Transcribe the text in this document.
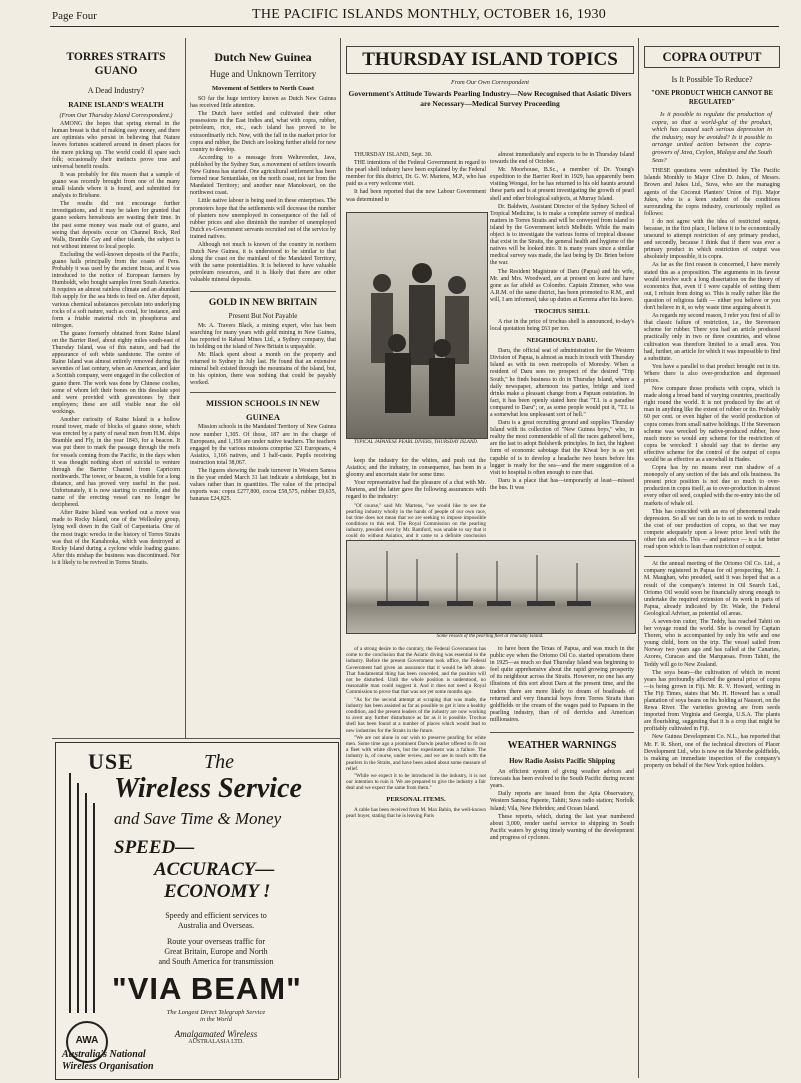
Page Four	THE PACIFIC ISLANDS MONTHLY, OCTOBER 16, 1930
TORRES STRAITS GUANO
A Dead Industry?
RAINE ISLAND'S WEALTH
(From Our Thursday Island Correspondent.)

AMONG the hopes that spring eternal in the human breast is that of making easy money, and there are optimists who persist in believing that Nature leaves fortunes scattered around in desert places for the mere picking up. The world could ill spare such folk; occasionally their instincts prove true and universal benefit results.

It was probably for this reason that a sample of guano was recently brought from one of the many small islands where it is found, and submitted for analysis to Brisbane.

The results did not encourage further investigations, and it may be taken for granted that guano seekers hereabouts are wasting their time. In the past some money was made out of guano, and seeing that deposits occur on Channel Rock, Red Walls, Bramble Cay and other islands, the subject is not without interest to local people.

Excluding the well-known deposits of the Pacific, guano hails principally from the coasts of Peru. Probably it was used by the ancient Incas, and it was introduced to the notice of European farmers by Humboldt, who bought samples from South America. It requires an almost rainless climate and an abundant fish supply for the sea birds to feed on. After deposit, various chemical substances percolate into underlying rocks of a soft nature, such as coral, for instance, and form a friable material rich in phosphorus and nitrogen.

The guano formerly obtained from Raine Island on the Barrier Reef, about eighty miles south-east of Thursday Island, was of this nature, and had the appearance of soft white sandstone. The centre of Raine Island was almost entirely removed during the seventies of last century, when an American, and later a Scottish company, were engaged in the collection of guano there. The work was done by Chinese coolies, some of whom left their bones on this desolate spot and were provided with gravestones by their employers; these are still visible near the old workings.

Another curiosity of Raine Island is a hollow round tower, made of blocks of guano stone, which was erected by a party of naval men from H.M. ships Bramble and Fly, in the year 1843, for a beacon. It was put there to mark the passage through the reefs for vessels coming from the Pacific, in the days when it was thought nothing short of suicidal to venture through the Barrier Channel from Capricorn northwards. The tower, or beacon, is visible for a long distance, and has proved very useful in the past. Unfortunately, it is now starting to crumble, and the name of the erecting vessel can no longer be deciphered.

After Raine Island was worked out a move was made to Rocky Island, one of the Wellesley group, lying well down in the Gulf of Carpentaria. One of the most tragic wrecks in the history of Torres Straits was that of the Kanahooka, which was destroyed at Rocky Island during a cyclone while loading guano. After this mishap the business was discontinued. Nor is it likely to be revived in Torres Straits.

Dutch New Guinea
Huge and Unknown Territory
Movement of Settlers to North Coast

SO far the huge territory known as Dutch New Guinea has received little attention.

The Dutch have settled and cultivated their other possessions in the East Indies and, what with copra, rubber, petroleum, rice, etc., each island has proved to be extraordinarily rich. Now, with the fall in the market price for copra and rubber, the Dutch are looking further afield for new country to develop.

According to a message from Weltevreden, Java, published by the Sydney Sun, a movement of settlers towards New Guinea has started. One agricultural settlement has been formed near Sentanilake, on the north coast, not far from the Mandated Territory; and another near Manokwari, on the northwest coast.

Little native labour is being used in these enterprises. The promoters hope that the settlements will decrease the number of planters now unemployed in consequence of the fall of rubber prices and also diminish the number of unemployed Dutch ex-Government servants recruited out of the service by trained natives.

Although not much is known of the country in northern Dutch New Guinea, it is understood to be similar to that along the coast on the mainland of the Mandated Territory, with the same potentialities. It is believed to have valuable petroleum resources, and it is likely that there are other valuable mineral deposits.

GOLD IN NEW BRITAIN
Present But Not Payable

Mr. A. Travers Black, a mining expert, who has been searching for many years with gold mining in New Guinea, has reported to Rabaul Mines Ltd., a Sydney company, that its holding on the island of New Britain is unpayable.

Mr. Black spent about a month on the property and returned to Sydney in July last. He found that an extensive mineral belt existed through the mountains of the island, but, in his opinion, there was nothing that could be payably worked.

MISSION SCHOOLS IN NEW GUINEA

Mission schools in the Mandated Territory of New Guinea now number 1,305. Of those, 187 are in the charge of Europeans, and 1,159 are under native teachers. The teachers engaged by the various missions comprise 321 Europeans, 4 Asiatics, 1,166 natives, and 1 half-caste. Pupils receiving instruction total 38,067.

The figures showing the trade turnover in Western Samoa in the year ended March 31 last indicate a shrinkage, but in values rather than in quantities. The value of the principal exports was: copra £277,800, cocoa £58,575, rubber £9,635, bananas £24,825.

THURSDAY ISLAND TOPICS
From Our Own Correspondent
Government's Attitude Towards Pearling Industry—Now Recognised that Asiatic Divers are Necessary—Medical Survey Proceeding

THURSDAY ISLAND, Sept. 30.

THE intentions of the Federal Government in regard to the pearl shell industry have been explained by the Federal member for this district, Dr. G. W. Martens, M.P., who has paid us a very welcome visit.

It had been reported that the new Labour Government was determined to

TYPICAL JAPANESE PEARL DIVERS, THURSDAY ISLAND.

almost immediately and expects to be in Thursday Island towards the end of October.

Mr. Moorhouse, B.Sc., a member of Dr. Young's expedition to the Barrier Reef in 1929, has apparently been visiting Wongai, for he has returned to his old haunts around these parts and is at present investigating the growth of pearl shell and other biological subjects, at Murray Island.

Dr. Baldwin, Assistant Director of the Sydney School of Tropical Medicine, is to make a complete survey of medical matters in Torres Straits and will be conveyed from island to island by the Government ketch Melbidir. While the main object is to investigate the various forms of tropical disease that exist in the Straits, the general health and hygiene of the natives will be looked into. It is many years since a similar medical survey was made, the last being by Dr. Brien before the war.

The Resident Magistrate of Daru (Papua) and his wife, Mr. and Mrs. Woodward, are at present on leave and have gone as far afield as Colombo. Captain Zimmer, who was A.R.M. of the same district, has been promoted to R.M., and will, I am informed, take up duties at Kerema after his leave.

TROCHUS SHELL

A rise in the price of trochus shell is announced, to-day's local quotation being £63 per ton.

NEIGHBOURLY DARU.

Daru, the official seat of administration for the Western Division of Papua, is almost as much in touch with Thursday Island as with its own metropolis of Moresby. When a resident of Daru sees no prospect of the desired "Trip South," he finds business to do in Thursday Island, where a daily newspaper, afternoon tea parties, bridge and iced drinks make a pleasant change from a Papuan outstation. In fact, it has been openly stated here that "T.I. is a paradise compared to Daru"; or, as some people would put it, "T.I. is a somewhat less unpleasant sort of hell."

Daru is a great recruiting ground and supplies Thursday Island with its collection of "New Guinea boys," who, in reality the most commendable of all the races gathered here, are the last to adopt Bolshevik principles. In fact, the highest form of economic sabotage that the Kiwai boy is as yet capable of is to develop a headache two hours before his lugger is ready for the sea—and the mere suggestion of a visit to hospital is often enough to cure that.

Daru is a place that has—temporarily at least—missed the bus. It was

keep the industry for the whites, and push out the Asiatics; and the industry, in consequence, has been in a gloomy and uncertain state for some time.

Your representative had the pleasure of a chat with Mr. Martens, and the latter gave the following assurances with regard to the industry:

"Of course," said Mr. Martens, "we would like to see the pearling industry wholly in the hands of people of our own race, but time does not mean that we are seeking to impose impossible conditions to this end. The Royal Commission on the pearling industry, presided over by Mr. Bamford, was unable to say that it could do without Asiatics, and it came to a definite conclusion

Some vessels of the pearling fleet at Thursday Island.

of a strong desire to the contrary, the Federal Government has come to the conclusion that the Asiatic diving was essential to the industry. Before the present Government took office, the Federal Government had given an assurance that it would be left alone. That fundamental thing has been conceded, and the position will not be disturbed. Until the whole position is understood, no reasonable man could suggest it. And it does not need a Royal Commission to prove that that was not yet some months ago.

"As for the second attempt at scraping that was made, the industry has been assisted as far as possible to get it into a healthy condition, and the present leaders of the industry are now working to avert any further disturbance as far as it is possible. Trochus shell has been found at a number of places which would lead to new industries for the Straits in the future.

"We are not alone in our wish to preserve pearling for white men. Some time ago a prominent Darwin pearler offered to fit out a fleet with white divers, but the experiment was a failure. The industry is, of course, under review, and we are in touch with the pearlers in the Straits, and have been asked about some measure of relief.

"While we expect it to be introduced in the industry, it is not our intention to ruin it. We are prepared to give the industry a fair deal and we expect the same from them."

PERSONAL ITEMS.

A cable has been received from M. Max Babin, the well-known pearl buyer, stating that he is leaving Paris

to have been the Texas of Papua, and was much in the public eye when the Oriomo Oil Co. started operations there in 1925—as much so that Thursday Island was beginning to feel quite apprehensive about the rapid growing prosperity of its neighbour across the Straits. However, no one has any illusions of this sort about Daru at the present time, and the traders there are more likely to dream of boatloads of returned and very financial boys from Torres Straits than goldfields or the cream of the wages paid to Papuans in the pearling industry, than of oil derricks and American millionaires.

WEATHER WARNINGS
How Radio Assists Pacific Shipping

An efficient system of giving weather advices and forecasts has been evolved to the South Pacific during recent years.

Daily reports are issued from the Apia Observatory, Western Samoa; Papeete, Tahiti; Suva radio station; Norfolk Island; Vila, New Hebrides; and Ocean Island.

These reports, which, during the last year numbered about 3,000, render useful service to shipping in South Pacific waters by giving timely warning of the development and progress of cyclones.

COPRA OUTPUT
Is It Possible To Reduce?
"ONE PRODUCT WHICH CANNOT BE REGULATED"

Is it possible to regulate the production of copra, so that a world-glut of the product, which has caused such serious depression in the industry, may be avoided? Is it possible to arrange united action between the copra-growers of Java, Ceylon, Malaya and the South Seas?

THESE questions were submitted by The Pacific Islands Monthly to Major Clive D. Jukes, of Messrs. Brown and Jukes Ltd., Suva, who are the managing agents of the Coconut Planters' Union of Fiji. Major Jukes, who is a keen student of the conditions surrounding the copra industry, courteously replied as follows:

I do not agree with the idea of restricted output, because, in the first place, I believe it to be economically unsound to attempt restriction of any primary product, and secondly, because I think that if there was ever a primary product in which restriction of output was absolutely impossible, it is copra.

As far as the first reason is concerned, I have merely stated this as a proposition. The arguments in its favour would involve such a long dissertation on the theory of economics that, even if I were capable of setting them out, I refrain from doing so. This is really rather like the question of religious faith — either you believe or you don't believe in it, so why waste time arguing about it.

As regards my second reason, I refer you first of all to that classic failure of restriction, i.e., the Stevenson scheme for rubber. There you had an article produced practically only in two or three countries, and whose cultivation was therefore limited to a small area. You had, further, an article for which it was impossible to find a substitute.

You have a parallel to that product brought out in tin. Where there is also over-production and depressed prices.

Now compare those products with copra, which is made along a broad band of varying countries, practically right round the world. It is not produced by the art of man in anything like the extent of rubber or tin. Probably 60 per cent. or even higher of the world production of copra comes from small native holdings. If the Stevenson scheme was wrecked by native-produced rubber, how much more so would any scheme for the restriction of copra be wrecked! I should say that to devise any effective scheme for the control of the output of copra would be as effective as a snowball in Hades.

Copra has by no means ever run shadow of a monopoly of any section of the fats and oils business. Its present price position is not due so much to over-production in copra itself, as to over-production in almost every other oil seed, coupled with the re-entry into the oil markets of whale oil.

This has coincided with an era of phenomenal trade depression. So all we can do is to set to work to reduce the cost of our production of copra, so that we may compete adequately upon a lower price level with the other fats and oils. This — and patience — is a far better road upon which to lean than restriction of output.

At the annual meeting of the Oriomo Oil Co. Ltd., a company registered in Papua for oil prospecting, Mr. J. M. Maughan, who presided, said it was hoped that as a result of the company's interest in Oil Search Ltd., Oriomo Oil would soon be financially strong enough to undertake the required extension of its work in parts of Papua, already indicated by Dr. Wade, the Federal Geological Adviser, as potential oil areas.

A seven-ton cutter, The Teddy, has reached Tahiti on her voyage round the world. She is owned by Captain Thoren, who is accompanied by only his wife and one young child, born on the trip. The vessel sailed from Norway two years ago and has called at the Canaries, Azores, Curacao and the Marquesas. From Tahiti, the Teddy will go to New Zealand.

The soya bean—the cultivation of which in recent years has profoundly affected the general price of copra—is being grown in Fiji. Mr. R. V. Howard, writing in The Fiji Times, states that Mr. H. Howard has a small plantation of soya beans on his holding at Nausori, on the Rewa River. The varieties growing are from seeds imported from Virginia and Georgia, U.S.A. The plants are flourishing, suggesting that it is a crop that might be profitably cultivated in Fiji.

New Guinea Development Co. N.L., has reported that Mr. F. R. Short, one of the technical directors of Placer Development Ltd., who is now on the Morobe goldfields, is making an immediate inspection of the company's property on behalf of the New York option holders.

USE	The
Wireless Service
and Save Time & Money
SPEED—
ACCURACY—
ECONOMY !
Speedy and efficient services to
Australia and Overseas.
Route your overseas traffic for
Great Britain, Europe and North
and South America for transmission
"VIA BEAM"
The Longest Direct Telegraph Service
in the World
AWA
Amalgamated Wireless
AUSTRALASIA LTD.
Australia's National
Wireless Organisation
